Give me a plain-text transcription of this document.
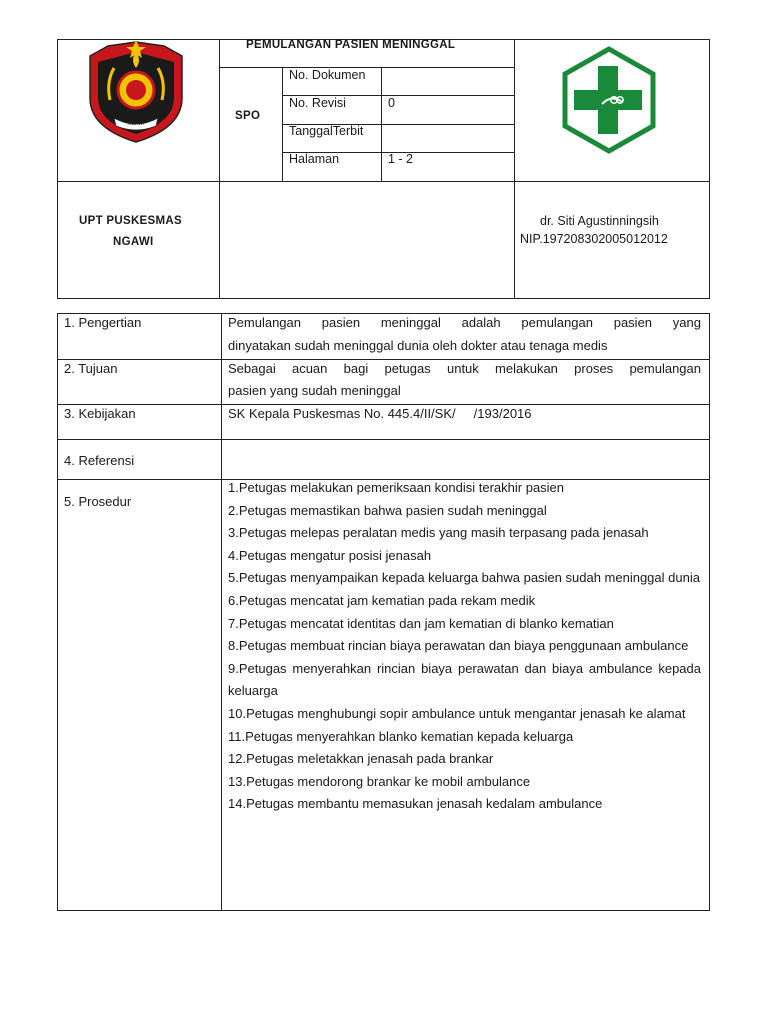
NGAWI
PEMULANGAN PASIEN MENINGGAL
SPO
No. Dokumen
No. Revisi	0
TanggalTerbit
Halaman	1 - 2
UPT PUSKESMAS
NGAWI
dr. Siti Agustinningsih
NIP.197208302005012012
1. Pengertian	Pemulangan pasien meninggal adalah pemulangan pasien yang
dinyatakan sudah meninggal dunia oleh dokter atau tenaga medis
2. Tujuan	Sebagai acuan bagi petugas untuk melakukan proses pemulangan
pasien yang sudah meninggal
3. Kebijakan	SK Kepala Puskesmas No. 445.4/II/SK/     /193/2016
4. Referensi
5. Prosedur

1.Petugas melakukan pemeriksaan kondisi terakhir pasien

2.Petugas memastikan bahwa pasien sudah meninggal

3.Petugas melepas peralatan medis yang masih terpasang pada jenasah

4.Petugas mengatur posisi jenasah

5.Petugas menyampaikan kepada keluarga bahwa pasien sudah meninggal dunia

6.Petugas mencatat jam kematian pada rekam medik

7.Petugas mencatat identitas dan jam kematian di blanko kematian

8.Petugas membuat rincian biaya perawatan dan biaya penggunaan ambulance

9.Petugas menyerahkan rincian biaya perawatan dan biaya ambulance kepada keluarga

10.Petugas menghubungi sopir ambulance untuk mengantar jenasah ke alamat

11.Petugas menyerahkan blanko kematian kepada keluarga

12.Petugas meletakkan jenasah pada brankar

13.Petugas mendorong brankar ke mobil ambulance

14.Petugas membantu memasukan jenasah kedalam ambulance
